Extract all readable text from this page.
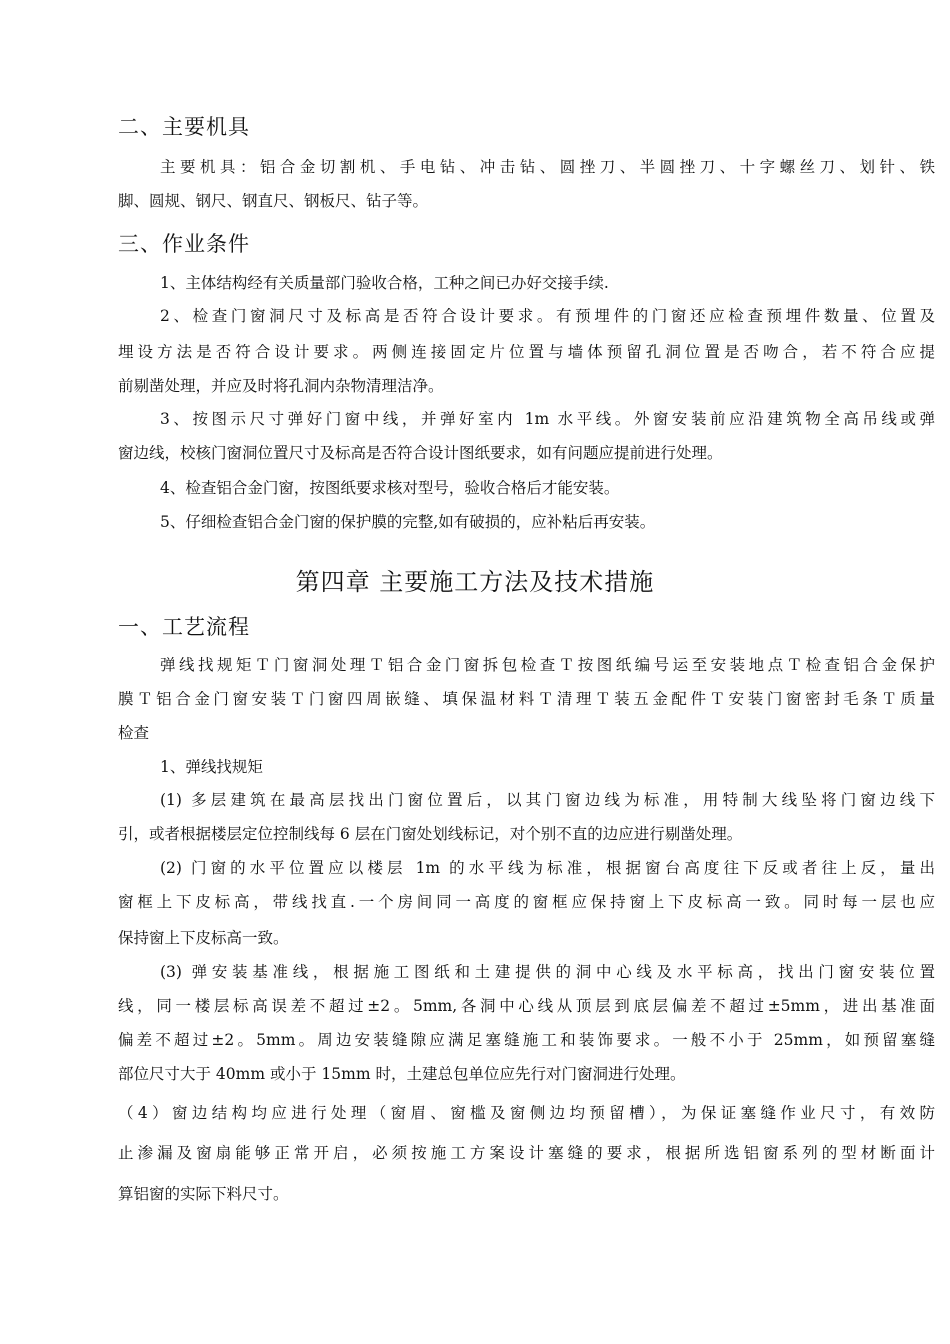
二、主要机具
主要机具：铝合金切割机、手电钻、冲击钻、圆挫刀、半圆挫刀、十字螺丝刀、划针、铁
脚、圆规、钢尺、钢直尺、钢板尺、钻子等。
三、作业条件
1、主体结构经有关质量部门验收合格，工种之间已办好交接手续.
2、检查门窗洞尺寸及标高是否符合设计要求。有预埋件的门窗还应检查预埋件数量、位置及
埋设方法是否符合设计要求。两侧连接固定片位置与墙体预留孔洞位置是否吻合，若不符合应提
前剔凿处理，并应及时将孔洞内杂物清理洁净。
3、按图示尺寸弹好门窗中线，并弹好室内 1m 水平线。外窗安装前应沿建筑物全高吊线或弹
窗边线，校核门窗洞位置尺寸及标高是否符合设计图纸要求，如有问题应提前进行处理。
4、检查铝合金门窗，按图纸要求核对型号，验收合格后才能安装。
5、仔细检查铝合金门窗的保护膜的完整,如有破损的，应补粘后再安装。
第四章 主要施工方法及技术措施
一、工艺流程
弹线找规矩Ｔ门窗洞处理Ｔ铝合金门窗拆包检查Ｔ按图纸编号运至安装地点Ｔ检查铝合金保护
膜Ｔ铝合金门窗安装Ｔ门窗四周嵌缝、填保温材料Ｔ清理Ｔ装五金配件Ｔ安装门窗密封毛条Ｔ质量
检查
1、弹线找规矩
(1) 多层建筑在最高层找出门窗位置后，以其门窗边线为标准，用特制大线坠将门窗边线下
引，或者根据楼层定位控制线每 6 层在门窗处划线标记，对个别不直的边应进行剔凿处理。
(2) 门窗的水平位置应以楼层 1m 的水平线为标准，根据窗台高度往下反或者往上反，量出
窗框上下皮标高，带线找直.一个房间同一高度的窗框应保持窗上下皮标高一致。同时每一层也应
保持窗上下皮标高一致。
(3) 弹安装基准线，根据施工图纸和土建提供的洞中心线及水平标高，找出门窗安装位置
线，同一楼层标高误差不超过±2。5mm,各洞中心线从顶层到底层偏差不超过±5mm，进出基准面
偏差不超过±2。5mm。周边安装缝隙应满足塞缝施工和装饰要求。一般不小于 25mm，如预留塞缝
部位尺寸大于 40mm 或小于 15mm 时，土建总包单位应先行对门窗洞进行处理。
（4）窗边结构均应进行处理（窗眉、窗槛及窗侧边均预留槽），为保证塞缝作业尺寸，有效防
止渗漏及窗扇能够正常开启，必须按施工方案设计塞缝的要求，根据所选铝窗系列的型材断面计
算铝窗的实际下料尺寸。
